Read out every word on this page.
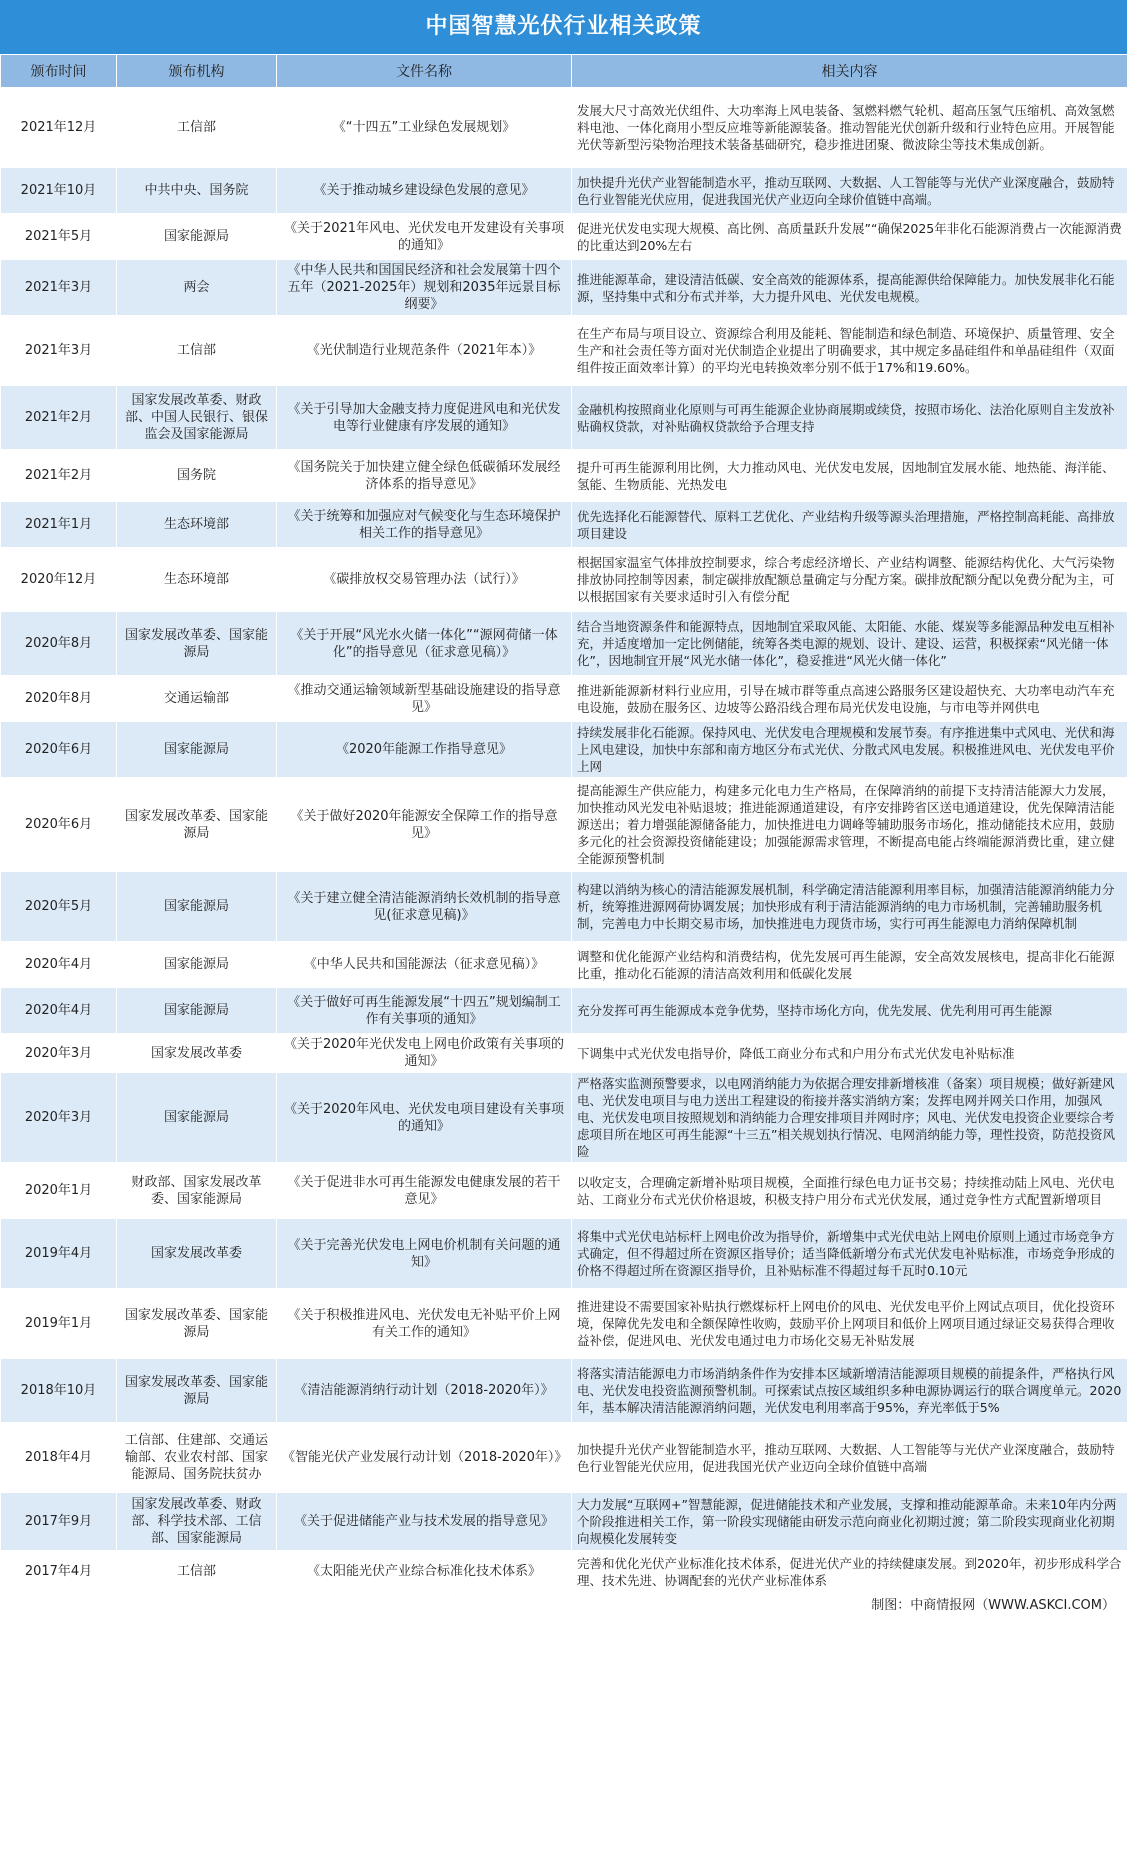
中国智慧光伏行业相关政策
颁布时间	颁布机构	文件名称	相关内容
2021年12月	工信部	《“十四五”工业绿色发展规划》	发展大尺寸高效光伏组件、大功率海上风电装备、氢燃料燃气轮机、超高压氢气压缩机、高效氢燃料电池、一体化商用小型反应堆等新能源装备。推动智能光伏创新升级和行业特色应用。开展智能光伏等新型污染物治理技术装备基础研究，稳步推进团聚、微波除尘等技术集成创新。
2021年10月	中共中央、国务院	《关于推动城乡建设绿色发展的意见》	加快提升光伏产业智能制造水平，推动互联网、大数据、人工智能等与光伏产业深度融合，鼓励特色行业智能光伏应用，促进我国光伏产业迈向全球价值链中高端。
2021年5月	国家能源局	《关于2021年风电、光伏发电开发建设有关事项的通知》	促进光伏发电实现大规模、高比例、高质量跃升发展”“确保2025年非化石能源消费占一次能源消费的比重达到20%左右
2021年3月	两会	《中华人民共和国国民经济和社会发展第十四个五年（2021-2025年）规划和2035年远景目标纲要》	推进能源革命，建设清洁低碳、安全高效的能源体系，提高能源供给保障能力。加快发展非化石能源，坚持集中式和分布式并举，大力提升风电、光伏发电规模。
2021年3月	工信部	《光伏制造行业规范条件（2021年本）》	在生产布局与项目设立、资源综合利用及能耗、智能制造和绿色制造、环境保护、质量管理、安全生产和社会责任等方面对光伏制造企业提出了明确要求，其中规定多晶硅组件和单晶硅组件（双面组件按正面效率计算）的平均光电转换效率分别不低于17%和19.60%。
2021年2月	国家发展改革委、财政部、中国人民银行、银保监会及国家能源局	《关于引导加大金融支持力度促进风电和光伏发电等行业健康有序发展的通知》	金融机构按照商业化原则与可再生能源企业协商展期或续贷，按照市场化、法治化原则自主发放补贴确权贷款，对补贴确权贷款给予合理支持
2021年2月	国务院	《国务院关于加快建立健全绿色低碳循环发展经济体系的指导意见》	提升可再生能源利用比例，大力推动风电、光伏发电发展，因地制宜发展水能、地热能、海洋能、氢能、生物质能、光热发电
2021年1月	生态环境部	《关于统筹和加强应对气候变化与生态环境保护相关工作的指导意见》	优先选择化石能源替代、原料工艺优化、产业结构升级等源头治理措施，严格控制高耗能、高排放项目建设
2020年12月	生态环境部	《碳排放权交易管理办法（试行）》	根据国家温室气体排放控制要求，综合考虑经济增长、产业结构调整、能源结构优化、大气污染物排放协同控制等因素，制定碳排放配额总量确定与分配方案。碳排放配额分配以免费分配为主，可以根据国家有关要求适时引入有偿分配
2020年8月	国家发展改革委、国家能源局	《关于开展“风光水火储一体化”“源网荷储一体化”的指导意见（征求意见稿）》	结合当地资源条件和能源特点，因地制宜采取风能、太阳能、水能、煤炭等多能源品种发电互相补充，并适度增加一定比例储能，统筹各类电源的规划、设计、建设、运营，积极探索“风光储一体化”，因地制宜开展“风光水储一体化”，稳妥推进“风光火储一体化”
2020年8月	交通运输部	《推动交通运输领域新型基础设施建设的指导意见》	推进新能源新材料行业应用，引导在城市群等重点高速公路服务区建设超快充、大功率电动汽车充电设施，鼓励在服务区、边坡等公路沿线合理布局光伏发电设施，与市电等并网供电
2020年6月	国家能源局	《2020年能源工作指导意见》	持续发展非化石能源。保持风电、光伏发电合理规模和发展节奏。有序推进集中式风电、光伏和海上风电建设，加快中东部和南方地区分布式光伏、分散式风电发展。积极推进风电、光伏发电平价上网
2020年6月	国家发展改革委、国家能源局	《关于做好2020年能源安全保障工作的指导意见》	提高能源生产供应能力，构建多元化电力生产格局，在保障消纳的前提下支持清洁能源大力发展，加快推动风光发电补贴退坡；推进能源通道建设，有序安排跨省区送电通道建设，优先保障清洁能源送出；着力增强能源储备能力，加快推进电力调峰等辅助服务市场化，推动储能技术应用，鼓励多元化的社会资源投资储能建设；加强能源需求管理，不断提高电能占终端能源消费比重，建立健全能源预警机制
2020年5月	国家能源局	《关于建立健全清洁能源消纳长效机制的指导意见(征求意见稿)》	构建以消纳为核心的清洁能源发展机制，科学确定清洁能源利用率目标，加强清洁能源消纳能力分析，统筹推进源网荷协调发展；加快形成有利于清洁能源消纳的电力市场机制，完善辅助服务机制，完善电力中长期交易市场，加快推进电力现货市场，实行可再生能源电力消纳保障机制
2020年4月	国家能源局	《中华人民共和国能源法（征求意见稿）》	调整和优化能源产业结构和消费结构，优先发展可再生能源，安全高效发展核电，提高非化石能源比重，推动化石能源的清洁高效利用和低碳化发展
2020年4月	国家能源局	《关于做好可再生能源发展“十四五”规划编制工作有关事项的通知》	充分发挥可再生能源成本竞争优势，坚持市场化方向，优先发展、优先利用可再生能源
2020年3月	国家发展改革委	《关于2020年光伏发电上网电价政策有关事项的通知》	下调集中式光伏发电指导价，降低工商业分布式和户用分布式光伏发电补贴标准
2020年3月	国家能源局	《关于2020年风电、光伏发电项目建设有关事项的通知》	严格落实监测预警要求，以电网消纳能力为依据合理安排新增核准（备案）项目规模；做好新建风电、光伏发电项目与电力送出工程建设的衔接并落实消纳方案；发挥电网并网关口作用，加强风电、光伏发电项目按照规划和消纳能力合理安排项目并网时序；风电、光伏发电投资企业要综合考虑项目所在地区可再生能源“十三五”相关规划执行情况、电网消纳能力等，理性投资，防范投资风险
2020年1月	财政部、国家发展改革委、国家能源局	《关于促进非水可再生能源发电健康发展的若干意见》	以收定支，合理确定新增补贴项目规模，全面推行绿色电力证书交易；持续推动陆上风电、光伏电站、工商业分布式光伏价格退坡，积极支持户用分布式光伏发展，通过竞争性方式配置新增项目
2019年4月	国家发展改革委	《关于完善光伏发电上网电价机制有关问题的通知》	将集中式光伏电站标杆上网电价改为指导价，新增集中式光伏电站上网电价原则上通过市场竞争方式确定，但不得超过所在资源区指导价；适当降低新增分布式光伏发电补贴标准，市场竞争形成的价格不得超过所在资源区指导价，且补贴标准不得超过每千瓦时0.10元
2019年1月	国家发展改革委、国家能源局	《关于积极推进风电、光伏发电无补贴平价上网有关工作的通知》	推进建设不需要国家补贴执行燃煤标杆上网电价的风电、光伏发电平价上网试点项目，优化投资环境，保障优先发电和全额保障性收购，鼓励平价上网项目和低价上网项目通过绿证交易获得合理收益补偿，促进风电、光伏发电通过电力市场化交易无补贴发展
2018年10月	国家发展改革委、国家能源局	《清洁能源消纳行动计划（2018-2020年）》	将落实清洁能源电力市场消纳条件作为安排本区域新增清洁能源项目规模的前提条件，严格执行风电、光伏发电投资监测预警机制。可探索试点按区域组织多种电源协调运行的联合调度单元。2020年，基本解决清洁能源消纳问题，光伏发电利用率高于95%，弃光率低于5%
2018年4月	工信部、住建部、交通运输部、农业农村部、国家能源局、国务院扶贫办	《智能光伏产业发展行动计划（2018-2020年）》	加快提升光伏产业智能制造水平，推动互联网、大数据、人工智能等与光伏产业深度融合，鼓励特色行业智能光伏应用，促进我国光伏产业迈向全球价值链中高端
2017年9月	国家发展改革委、财政部、科学技术部、工信部、国家能源局	《关于促进储能产业与技术发展的指导意见》	大力发展“互联网+”智慧能源，促进储能技术和产业发展，支撑和推动能源革命。未来10年内分两个阶段推进相关工作，第一阶段实现储能由研发示范向商业化初期过渡；第二阶段实现商业化初期向规模化发展转变
2017年4月	工信部	《太阳能光伏产业综合标准化技术体系》	完善和优化光伏产业标准化技术体系，促进光伏产业的持续健康发展。到2020年，初步形成科学合理、技术先进、协调配套的光伏产业标准体系
制图：中商情报网（WWW.ASKCI.COM）
